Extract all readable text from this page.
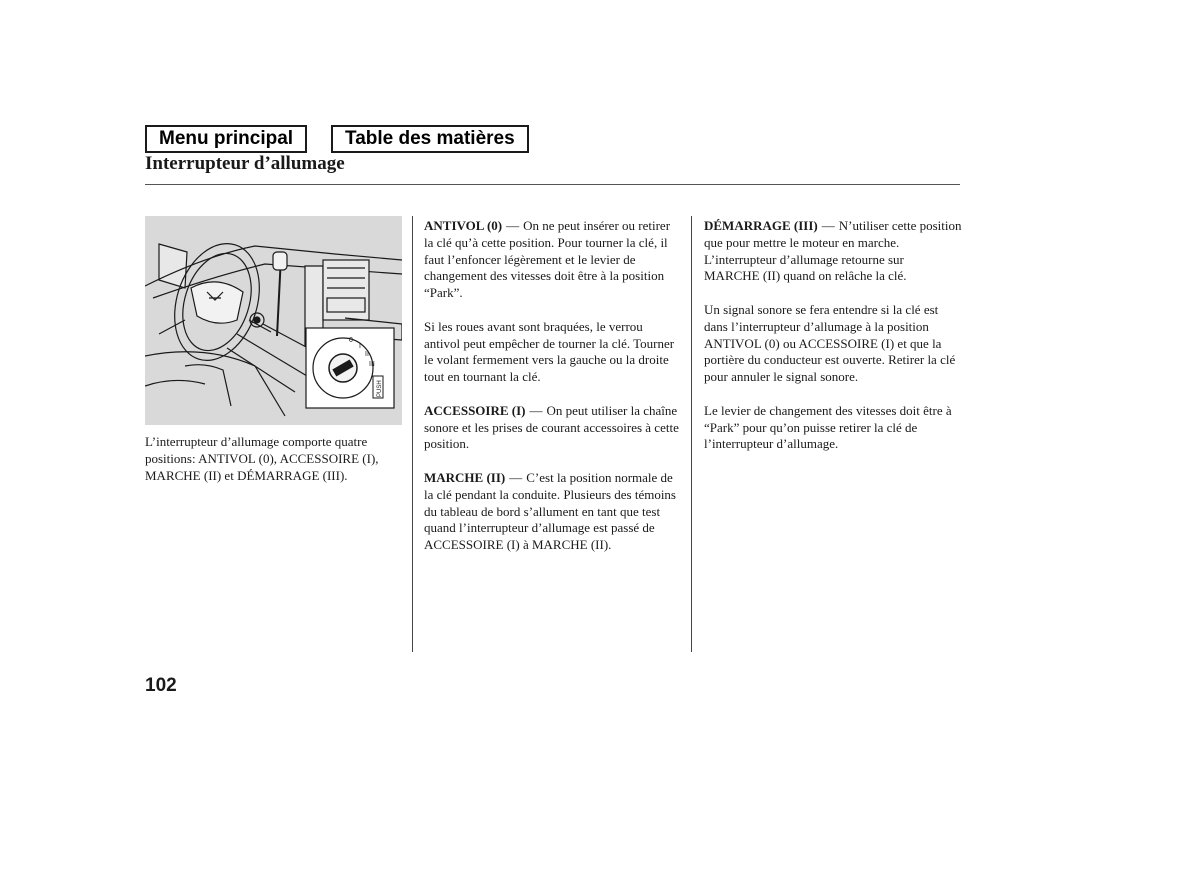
Menu principal	Table des matières
Interrupteur d’allumage
0
I
II
III
PUSH

L’interrupteur d’allumage comporte quatre positions: ANTIVOL (0), ACCESSOIRE (I), MARCHE (II) et DÉMARRAGE (III).

ANTIVOL (0) — On ne peut insérer ou retirer la clé qu’à cette position. Pour tourner la clé, il faut l’enfoncer légèrement et le levier de changement des vitesses doit être à la position “Park”.

Si les roues avant sont braquées, le verrou antivol peut empêcher de tourner la clé. Tourner le volant fermement vers la gauche ou la droite tout en tournant la clé.

ACCESSOIRE (I) — On peut utiliser la chaîne sonore et les prises de courant accessoires à cette position.

MARCHE (II) — C’est la position normale de la clé pendant la conduite. Plusieurs des témoins du tableau de bord s’allument en tant que test quand l’interrupteur d’allumage est passé de ACCESSOIRE (I) à MARCHE (II).

DÉMARRAGE (III) — N’utiliser cette position que pour mettre le moteur en marche. L’interrupteur d’allumage retourne sur MARCHE (II) quand on relâche la clé.

Un signal sonore se fera entendre si la clé est dans l’interrupteur d’allumage à la position ANTIVOL (0) ou ACCESSOIRE (I) et que la portière du conducteur est ouverte. Retirer la clé pour annuler le signal sonore.

Le levier de changement des vitesses doit être à “Park” pour qu’on puisse retirer la clé de l’interrupteur d’allumage.

102
